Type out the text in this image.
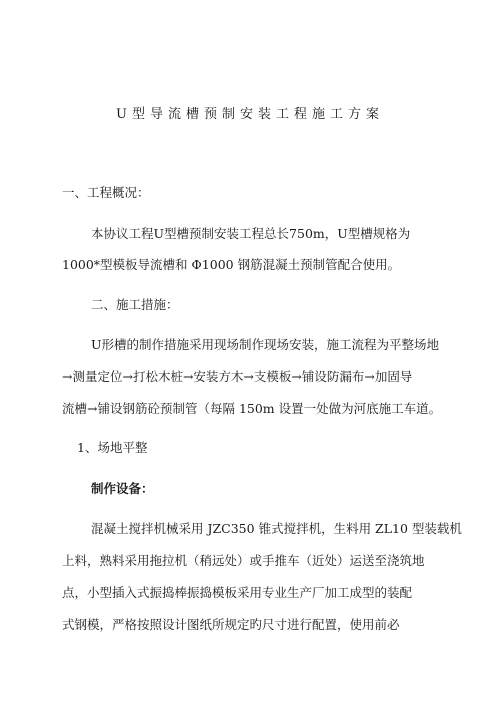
U型导流槽预制安装工程施工方案
一、工程概况：
本协议工程U型槽预制安装工程总长750m，U型槽规格为
1000*型模板导流槽和 Φ1000 钢筋混凝土预制管配合使用。
二、施工措施：
U形槽的制作措施采用现场制作现场安装，施工流程为平整场地
→测量定位→打松木桩→安装方木→支模板→铺设防漏布→加固导
流槽→铺设钢筋砼预制管（每隔 150m 设置一处做为河底施工车道。
1、场地平整
制作设备：
混凝土搅拌机械采用 JZC350 锥式搅拌机，生料用 ZL10 型装载机
上料，熟料采用拖拉机（稍远处）或手推车（近处）运送至浇筑地
点，小型插入式振捣棒振捣模板采用专业生产厂加工成型的装配
式钢模，严格按照设计图纸所规定旳尺寸进行配置，使用前必
